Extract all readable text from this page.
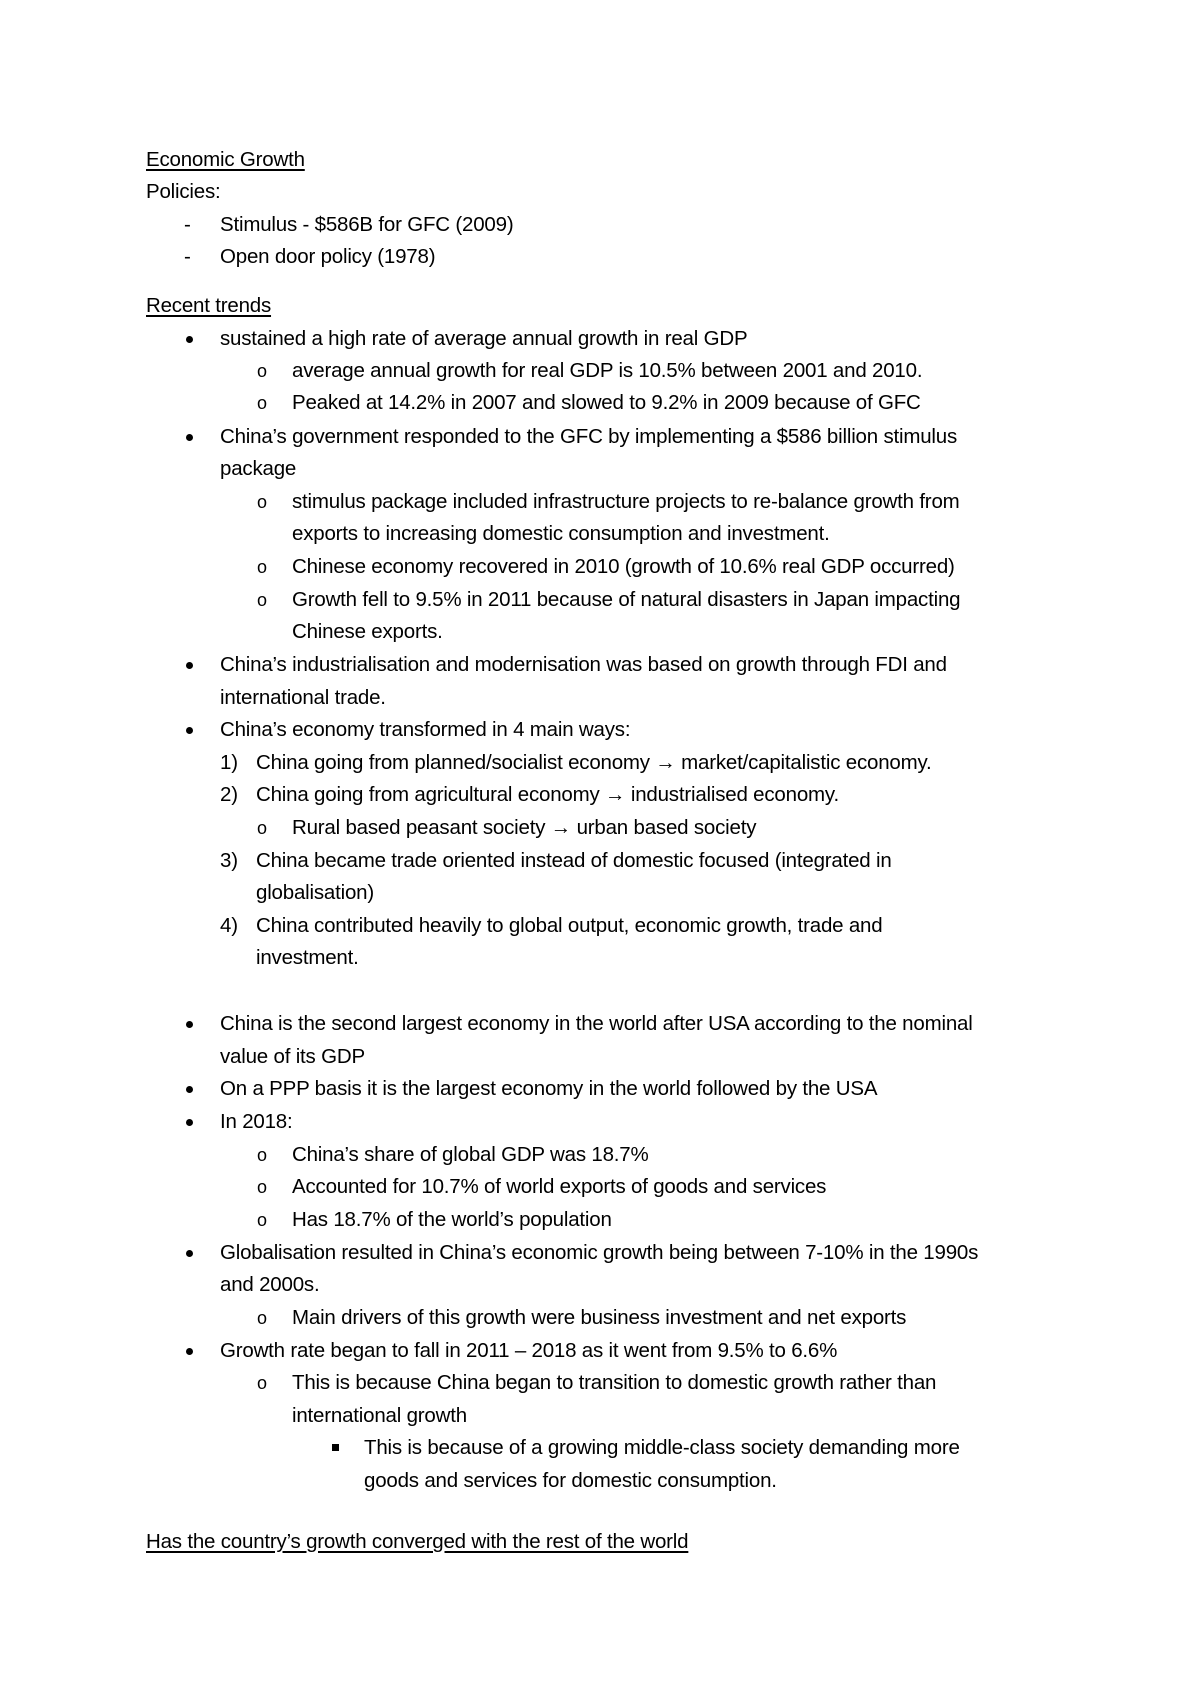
Economic Growth
Policies:
- Stimulus - $586B for GFC (2009)
- Open door policy (1978)
Recent trends
sustained a high rate of average annual growth in real GDP
o average annual growth for real GDP is 10.5% between 2001 and 2010.
o Peaked at 14.2% in 2007 and slowed to 9.2% in 2009 because of GFC
China’s government responded to the GFC by implementing a $586 billion stimulus
package
o stimulus package included infrastructure projects to re-balance growth from
exports to increasing domestic consumption and investment.
o Chinese economy recovered in 2010 (growth of 10.6% real GDP occurred)
o Growth fell to 9.5% in 2011 because of natural disasters in Japan impacting
Chinese exports.
China’s industrialisation and modernisation was based on growth through FDI and
international trade.
China’s economy transformed in 4 main ways:
1) China going from planned/socialist economy → market/capitalistic economy.
2) China going from agricultural economy → industrialised economy.
o Rural based peasant society → urban based society
3) China became trade oriented instead of domestic focused (integrated in
globalisation)
4) China contributed heavily to global output, economic growth, trade and
investment.
China is the second largest economy in the world after USA according to the nominal
value of its GDP
On a PPP basis it is the largest economy in the world followed by the USA
In 2018:
o China’s share of global GDP was 18.7%
o Accounted for 10.7% of world exports of goods and services
o Has 18.7% of the world’s population
Globalisation resulted in China’s economic growth being between 7-10% in the 1990s
and 2000s.
o Main drivers of this growth were business investment and net exports
Growth rate began to fall in 2011 – 2018 as it went from 9.5% to 6.6%
o This is because China began to transition to domestic growth rather than
international growth
This is because of a growing middle-class society demanding more
goods and services for domestic consumption.
Has the country’s growth converged with the rest of the world
